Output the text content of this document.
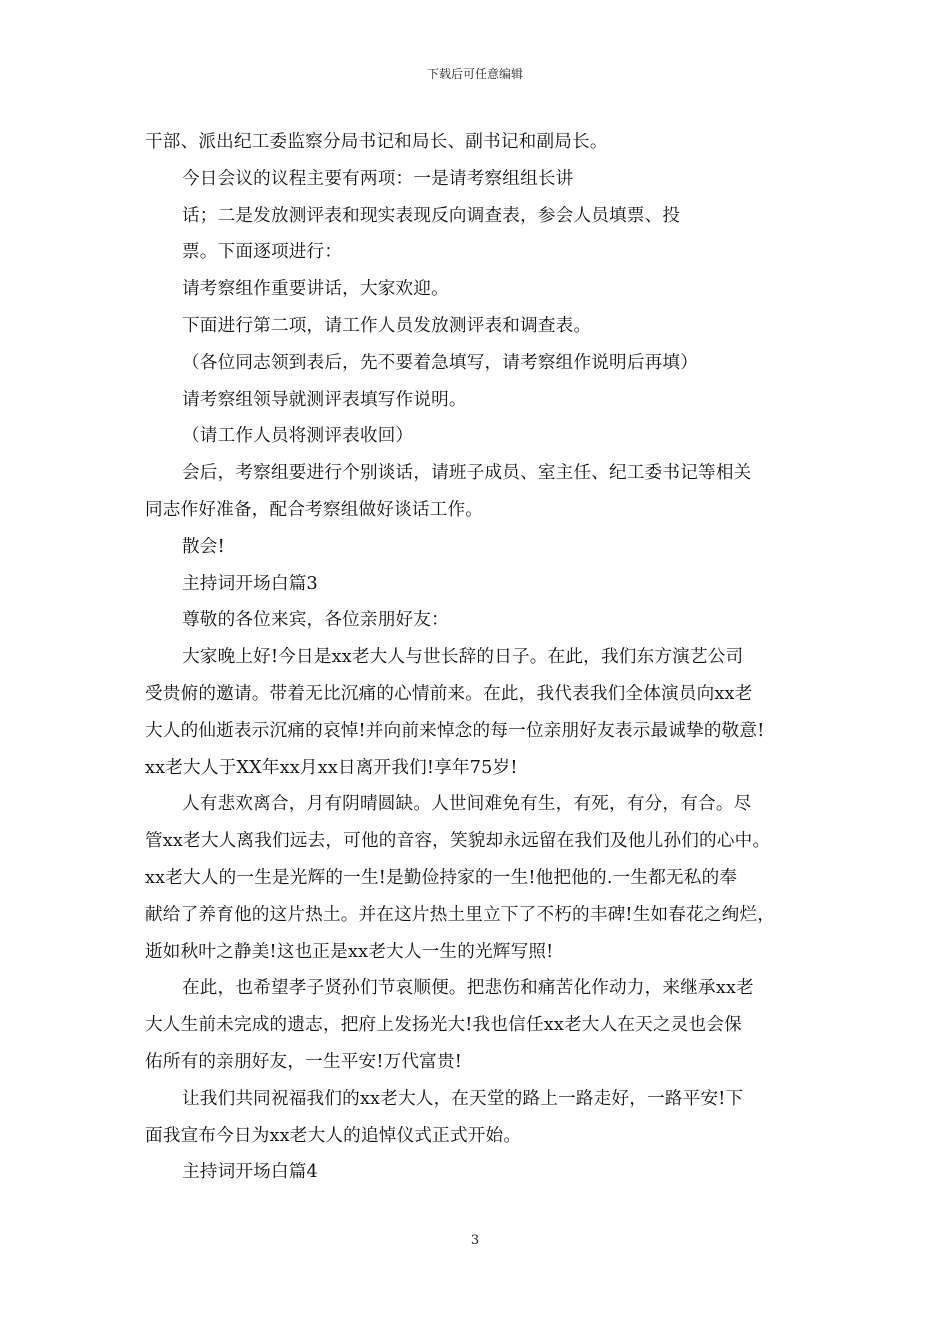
下载后可任意编辑
干部、派出纪工委监察分局书记和局长、副书记和副局长。
今日会议的议程主要有两项：一是请考察组组长讲
话；二是发放测评表和现实表现反向调查表，参会人员填票、投
票。下面逐项进行：
请考察组作重要讲话，大家欢迎。
下面进行第二项，请工作人员发放测评表和调查表。
（各位同志领到表后，先不要着急填写，请考察组作说明后再填）
请考察组领导就测评表填写作说明。
（请工作人员将测评表收回）
会后，考察组要进行个别谈话，请班子成员、室主任、纪工委书记等相关
同志作好准备，配合考察组做好谈话工作。
散会!
主持词开场白篇3
尊敬的各位来宾，各位亲朋好友：
大家晚上好!今日是xx老大人与世长辞的日子。在此，我们东方演艺公司
受贵俯的邀请。带着无比沉痛的心情前来。在此，我代表我们全体演员向xx老
大人的仙逝表示沉痛的哀悼!并向前来悼念的每一位亲朋好友表示最诚挚的敬意!
xx老大人于XX年xx月xx日离开我们!享年75岁!
人有悲欢离合，月有阴晴圆缺。人世间难免有生，有死，有分，有合。尽
管xx老大人离我们远去，可他的音容，笑貌却永远留在我们及他儿孙们的心中。
xx老大人的一生是光辉的一生!是勤俭持家的一生!他把他的.一生都无私的奉
献给了养育他的这片热土。并在这片热土里立下了不朽的丰碑!生如春花之绚烂，
逝如秋叶之静美!这也正是xx老大人一生的光辉写照!
在此，也希望孝子贤孙们节哀顺便。把悲伤和痛苦化作动力，来继承xx老
大人生前未完成的遗志，把府上发扬光大!我也信任xx老大人在天之灵也会保
佑所有的亲朋好友，一生平安!万代富贵!
让我们共同祝福我们的xx老大人，在天堂的路上一路走好，一路平安!下
面我宣布今日为xx老大人的追悼仪式正式开始。
主持词开场白篇4
3
